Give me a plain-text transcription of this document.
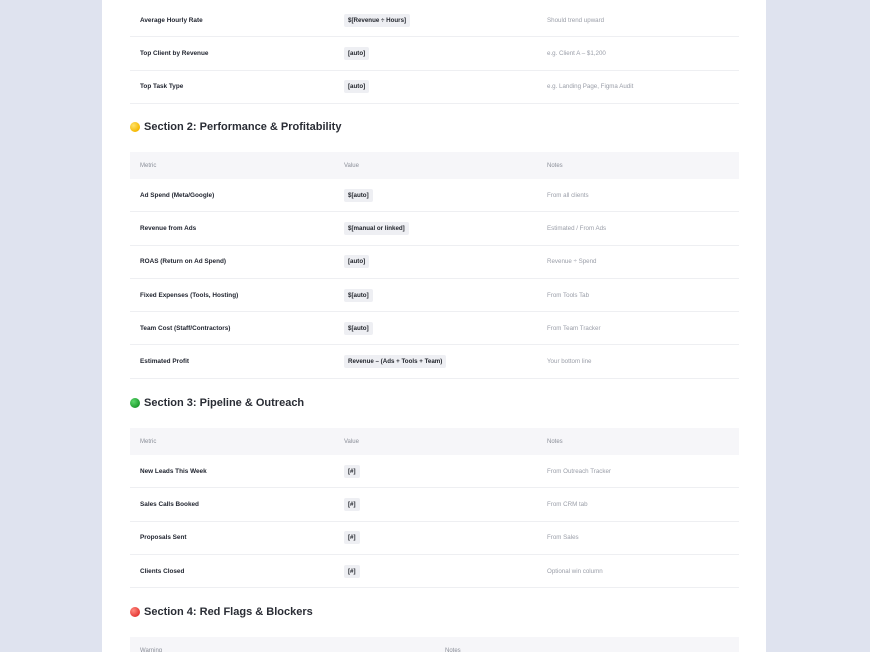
Average Hourly Rate	$[Revenue ÷ Hours]	Should trend upward
Top Client by Revenue	[auto]	e.g. Client A – $1,200
Top Task Type	[auto]	e.g. Landing Page, Figma Audit
Section 2: Performance & Profitability
Metric	Value	Notes
Ad Spend (Meta/Google)	$[auto]	From all clients
Revenue from Ads	$[manual or linked]	Estimated / From Ads
ROAS (Return on Ad Spend)	[auto]	Revenue ÷ Spend
Fixed Expenses (Tools, Hosting)	$[auto]	From Tools Tab
Team Cost (Staff/Contractors)	$[auto]	From Team Tracker
Estimated Profit	Revenue – (Ads + Tools + Team)	Your bottom line
Section 3: Pipeline & Outreach
Metric	Value	Notes
New Leads This Week	[#]	From Outreach Tracker
Sales Calls Booked	[#]	From CRM tab
Proposals Sent	[#]	From Sales
Clients Closed	[#]	Optional win column
Section 4: Red Flags & Blockers
Warning	Notes
